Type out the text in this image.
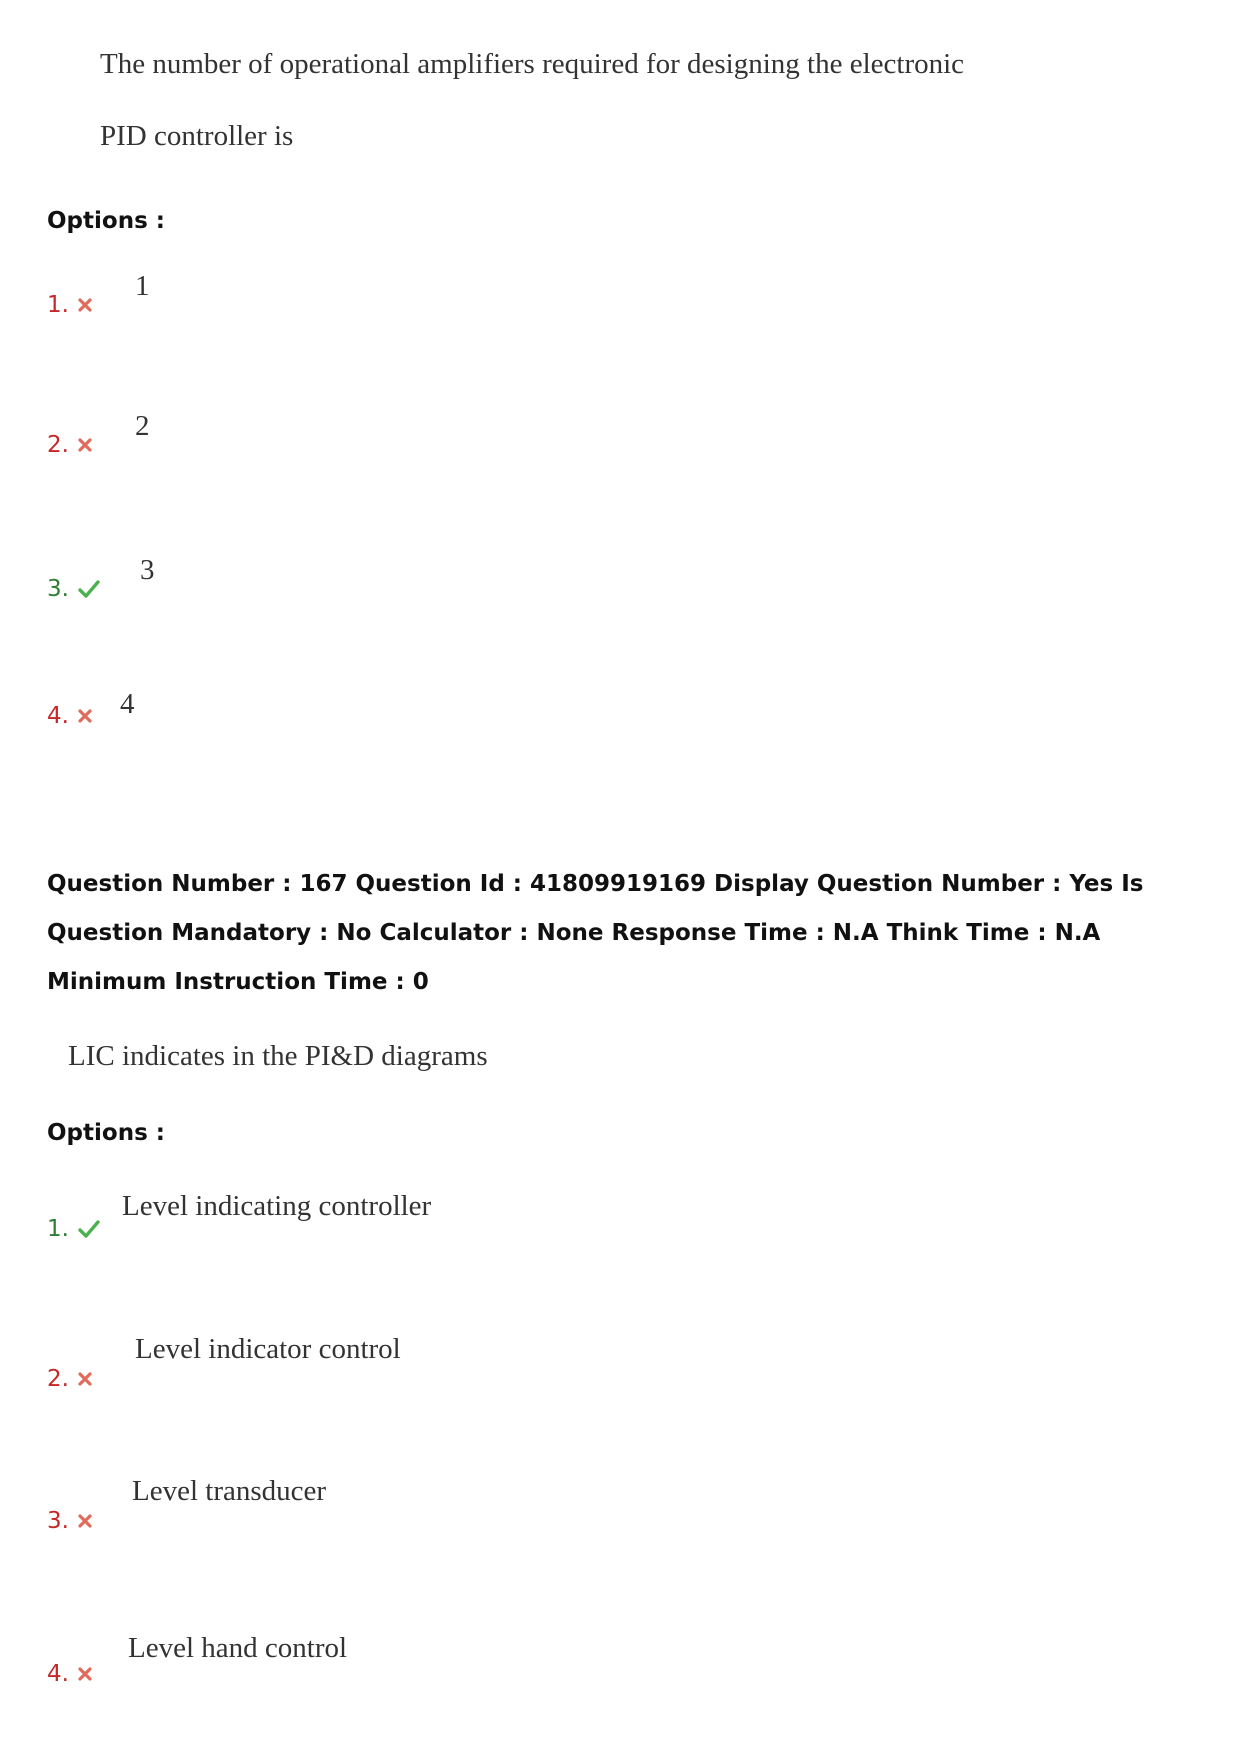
The number of operational amplifiers required for designing the electronic
PID controller is
Options :
1.
1
2.
2
3.
3
4. 4
Question Number : 167 Question Id : 41809919169 Display Question Number : Yes Is Question Mandatory : No Calculator : None Response Time : N.A Think Time : N.A Minimum Instruction Time : 0
LIC indicates in the PI&D diagrams
Options :
1.
Level indicating controller
2.
Level indicator control
3.
Level transducer
4.
Level hand control
